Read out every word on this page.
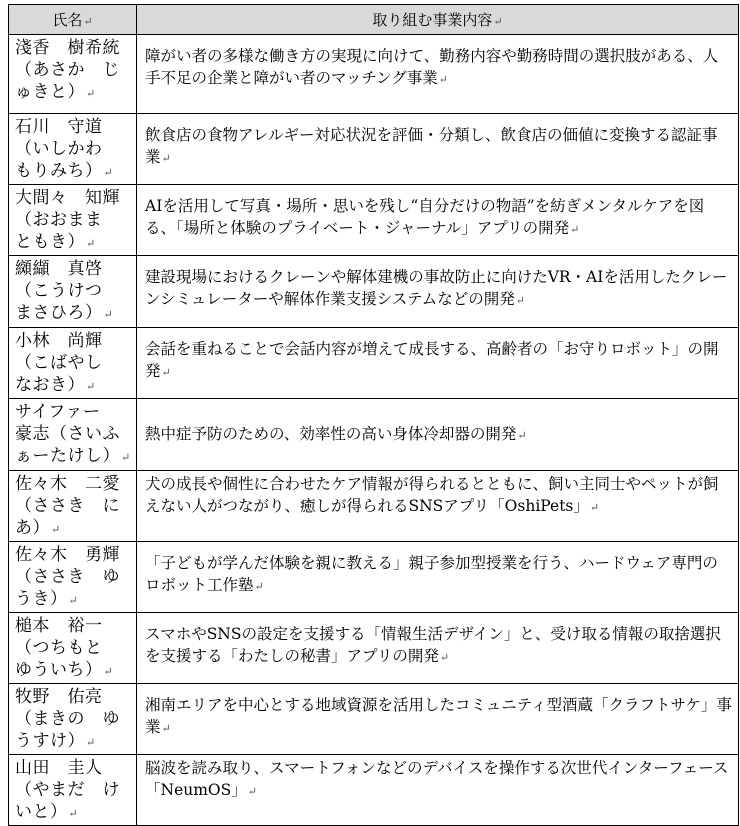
氏名↵	取り組む事業内容↵
淺香　樹希統（あさか　じゅきと）↵	障がい者の多様な働き方の実現に向けて、勤務内容や勤務時間の選択肢がある、人手不足の企業と障がい者のマッチング事業↵
石川　守道（いしかわ　もりみち）↵	飲食店の食物アレルギー対応状況を評価・分類し、飲食店の価値に変換する認証事業↵
大間々　知輝（おおまま　ともき）↵	AIを活用して写真・場所・思いを残し“自分だけの物語”を紡ぎメンタルケアを図る、「場所と体験のプライベート・ジャーナル」アプリの開発↵
纐纈　真啓（こうけつ　まさひろ）↵	建設現場におけるクレーンや解体建機の事故防止に向けたVR・AIを活用したクレーンシミュレーターや解体作業支援システムなどの開発↵
小林　尚輝（こばやし　なおき）↵	会話を重ねることで会話内容が増えて成長する、高齢者の「お守りロボット」の開発↵
サイファー　豪志（さいふぁーたけし）↵	熱中症予防のための、効率性の高い身体冷却器の開発↵
佐々木　二愛（ささき　にあ）↵	犬の成長や個性に合わせたケア情報が得られるとともに、飼い主同士やペットが飼えない人がつながり、癒しが得られるSNSアプリ「OshiPets」↵
佐々木　勇輝（ささき　ゆうき）↵	「子どもが学んだ体験を親に教える」親子参加型授業を行う、ハードウェア専門のロボット工作塾↵
槌本　裕一（つちもと　ゆういち）↵	スマホやSNSの設定を支援する「情報生活デザイン」と、受け取る情報の取捨選択を支援する「わたしの秘書」アプリの開発↵
牧野　佑亮（まきの　ゆうすけ）↵	湘南エリアを中心とする地域資源を活用したコミュニティ型酒蔵「クラフトサケ」事業↵
山田　圭人（やまだ　けいと）↵	脳波を読み取り、スマートフォンなどのデバイスを操作する次世代インターフェース「NeumOS」↵
